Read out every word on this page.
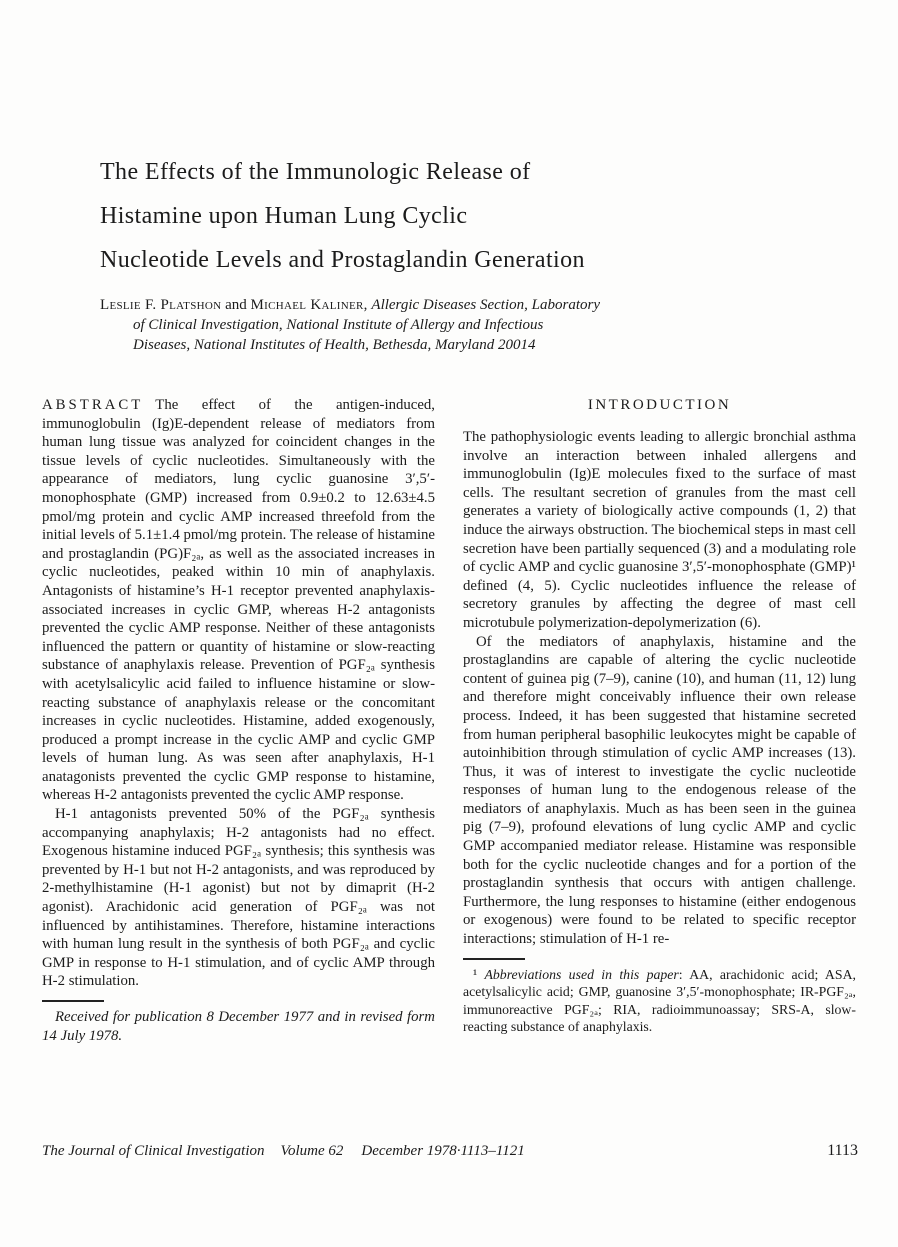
The Effects of the Immunologic Release of
Histamine upon Human Lung Cyclic
Nucleotide Levels and Prostaglandin Generation
Leslie F. Platshon and Michael Kaliner, Allergic Diseases Section, Laboratory
of Clinical Investigation, National Institute of Allergy and Infectious
Diseases, National Institutes of Health, Bethesda, Maryland 20014

ABSTRACT The effect of the antigen-induced, immunoglobulin (Ig)E-dependent release of mediators from human lung tissue was analyzed for coincident changes in the tissue levels of cyclic nucleotides. Simultaneously with the appearance of mediators, lung cyclic guanosine 3′,5′-monophosphate (GMP) increased from 0.9±0.2 to 12.63±4.5 pmol/mg protein and cyclic AMP increased threefold from the initial levels of 5.1±1.4 pmol/mg protein. The release of histamine and prostaglandin (PG)F₂ₐ, as well as the associated increases in cyclic nucleotides, peaked within 10 min of anaphylaxis. Antagonists of histamine’s H-1 receptor prevented anaphylaxis-associated increases in cyclic GMP, whereas H-2 antagonists prevented the cyclic AMP response. Neither of these antagonists influenced the pattern or quantity of histamine or slow-reacting substance of anaphylaxis release. Prevention of PGF₂ₐ synthesis with acetylsalicylic acid failed to influence histamine or slow-reacting substance of anaphylaxis release or the concomitant increases in cyclic nucleotides. Histamine, added exogenously, produced a prompt increase in the cyclic AMP and cyclic GMP levels of human lung. As was seen after anaphylaxis, H-1 anatagonists prevented the cyclic GMP response to histamine, whereas H-2 antagonists prevented the cyclic AMP response.

H-1 antagonists prevented 50% of the PGF₂ₐ synthesis accompanying anaphylaxis; H-2 antagonists had no effect. Exogenous histamine induced PGF₂ₐ synthesis; this synthesis was prevented by H-1 but not H-2 antagonists, and was reproduced by 2-methylhistamine (H-1 agonist) but not by dimaprit (H-2 agonist). Arachidonic acid generation of PGF₂ₐ was not influenced by antihistamines. Therefore, histamine interactions with human lung result in the synthesis of both PGF₂ₐ and cyclic GMP in response to H-1 stimulation, and of cyclic AMP through H-2 stimulation.

Received for publication 8 December 1977 and in revised form 14 July 1978.

INTRODUCTION

The pathophysiologic events leading to allergic bronchial asthma involve an interaction between inhaled allergens and immunoglobulin (Ig)E molecules fixed to the surface of mast cells. The resultant secretion of granules from the mast cell generates a variety of biologically active compounds (1, 2) that induce the airways obstruction. The biochemical steps in mast cell secretion have been partially sequenced (3) and a modulating role of cyclic AMP and cyclic guanosine 3′,5′-monophosphate (GMP)¹ defined (4, 5). Cyclic nucleotides influence the release of secretory granules by affecting the degree of mast cell microtubule polymerization-depolymerization (6).

Of the mediators of anaphylaxis, histamine and the prostaglandins are capable of altering the cyclic nucleotide content of guinea pig (7–9), canine (10), and human (11, 12) lung and therefore might conceivably influence their own release process. Indeed, it has been suggested that histamine secreted from human peripheral basophilic leukocytes might be capable of autoinhibition through stimulation of cyclic AMP increases (13). Thus, it was of interest to investigate the cyclic nucleotide responses of human lung to the endogenous release of the mediators of anaphylaxis. Much as has been seen in the guinea pig (7–9), profound elevations of lung cyclic AMP and cyclic GMP accompanied mediator release. Histamine was responsible both for the cyclic nucleotide changes and for a portion of the prostaglandin synthesis that occurs with antigen challenge. Furthermore, the lung responses to histamine (either endogenous or exogenous) were found to be related to specific receptor interactions; stimulation of H-1 re-

¹ Abbreviations used in this paper: AA, arachidonic acid; ASA, acetylsalicylic acid; GMP, guanosine 3′,5′-monophosphate; IR-PGF₂ₐ, immunoreactive PGF₂ₐ; RIA, radioimmunoassay; SRS-A, slow-reacting substance of anaphylaxis.

The Journal of Clinical Investigation Volume 62 December 1978·1113–1121	1113
